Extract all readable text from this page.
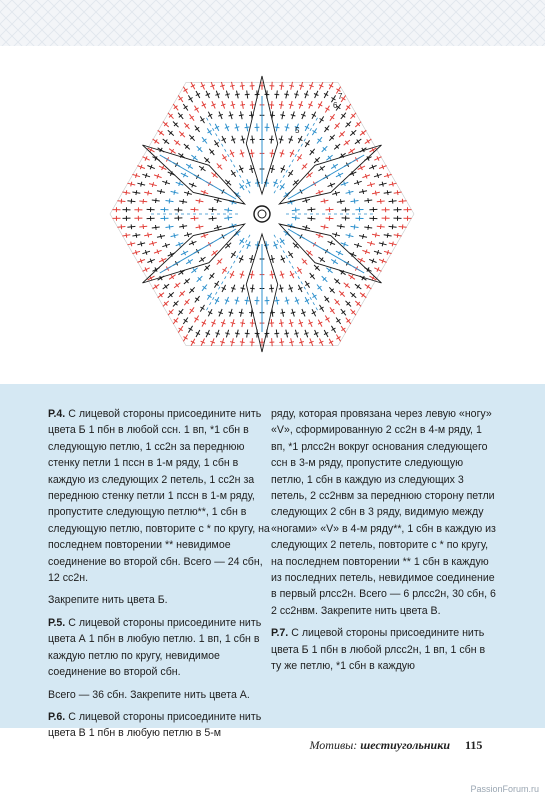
5
6
7
Р.4. С лицевой стороны присоедините нить цвета Б 1 пбн в любой ссн. 1 вп, *1 сбн в следующую петлю, 1 сс2н за переднюю стенку петли 1 пссн в 1-м ряду, 1 сбн в каждую из следующих 2 петель, 1 сс2н за переднюю стенку петли 1 пссн в 1-м ряду, пропустите следующую петлю**, 1 сбн в следующую петлю, повторите с * по кругу, на последнем повторении ** невидимое соединение во второй сбн. Всего — 24 сбн, 12 сс2н.
Закрепите нить цвета Б.
Р.5. С лицевой стороны присоедините нить цвета А 1 пбн в любую петлю. 1 вп, 1 сбн в каждую петлю по кругу, невидимое соединение во второй сбн.
Всего — 36 сбн. Закрепите нить цвета А.
Р.6. С лицевой стороны присоедините нить цвета В 1 пбн в любую петлю в 5-м
ряду, которая провязана через левую «ногу» «V», сформированную 2 сс2н в 4-м ряду, 1 вп, *1 рлсс2н вокруг основания следующего ссн в 3-м ряду, пропустите следующую петлю, 1 сбн в каждую из следующих 3 петель, 2 сс2нвм за переднюю сторону петли следующих 2 сбн в 3 ряду, видимую между «ногами» «V» в 4-м ряду**, 1 сбн в каждую из следующих 2 петель, повторите с * по кругу, на последнем повторении ** 1 сбн в каждую из последних петель, невидимое соединение в первый рлсс2н. Всего — 6 рлсс2н, 30 сбн, 6 2 сс2нвм. Закрепите нить цвета В.
Р.7. С лицевой стороны присоедините нить цвета Б 1 пбн в любой рлсс2н, 1 вп, 1 сбн в ту же петлю, *1 сбн в каждую
Мотивы: шестиугольники 115
PassionForum.ru
